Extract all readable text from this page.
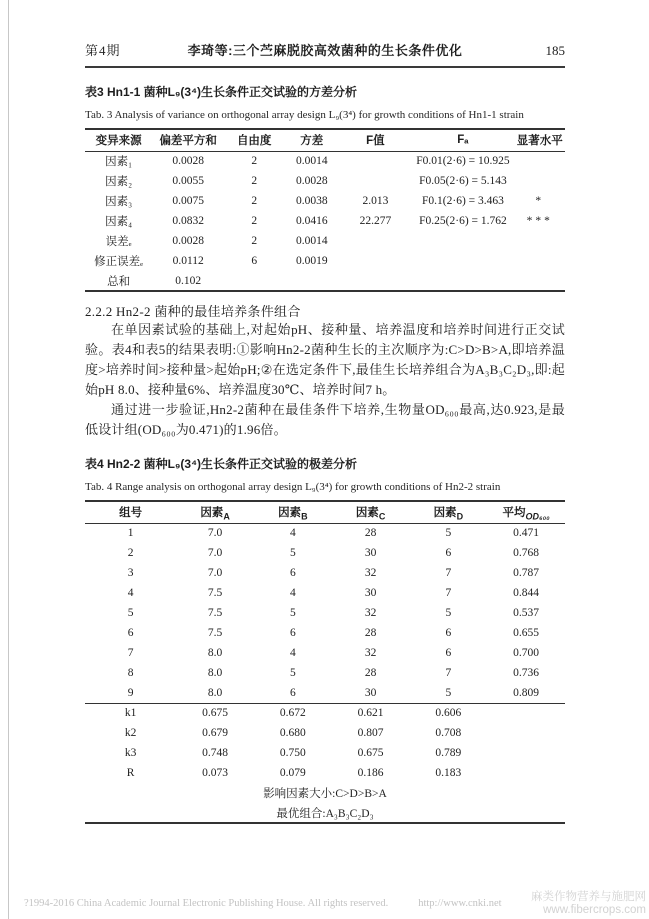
第4期	李琦等:三个苎麻脱胶高效菌种的生长条件优化	185
表3 Hn1-1 菌种L₉(3⁴)生长条件正交试验的方差分析
Tab. 3 Analysis of variance on orthogonal array design L₉(3⁴) for growth conditions of Hn1-1 strain
变异来源	偏差平方和	自由度	方差	F值	Fₐ	显著水平
因素₁	0.0028	2	0.0014		F0.01(2·6) = 10.925	
因素₂	0.0055	2	0.0028		F0.05(2·6) = 5.143	
因素₃	0.0075	2	0.0038	2.013	F0.1(2·6) = 3.463	*
因素₄	0.0832	2	0.0416	22.277	F0.25(2·6) = 1.762	***
误差ₑ	0.0028	2	0.0014			
修正误差ₑ	0.0112	6	0.0019			
总和	0.102					
2.2.2 Hn2-2 菌种的最佳培养条件组合

在单因素试验的基础上,对起始pH、接种量、培养温度和培养时间进行正交试验。表4和表5的结果表明:①影响Hn2-2菌种生长的主次顺序为:C>D>B>A,即培养温度>培养时间>接种量>起始pH;②在选定条件下,最佳生长培养组合为A₃B₃C₂D₃,即:起始pH 8.0、接种量6%、培养温度30℃、培养时间7 h。

通过进一步验证,Hn2-2菌种在最佳条件下培养,生物量OD₆₀₀最高,达0.923,是最低设计组(OD₆₀₀为0.471)的1.96倍。

表4 Hn2-2 菌种L₉(3⁴)生长条件正交试验的极差分析
Tab. 4 Range analysis on orthogonal array design L₉(3⁴) for growth conditions of Hn2-2 strain
组号	因素$_A$	因素$_B$	因素$_C$	因素$_D$	平均$_{OD_{600}}$
1	7.0	4	28	5	0.471
2	7.0	5	30	6	0.768
3	7.0	6	32	7	0.787
4	7.5	4	30	7	0.844
5	7.5	5	32	5	0.537
6	7.5	6	28	6	0.655
7	8.0	4	32	6	0.700
8	8.0	5	28	7	0.736
9	8.0	6	30	5	0.809
k1	0.675	0.672	0.621	0.606	
k2	0.679	0.680	0.807	0.708	
k3	0.748	0.750	0.675	0.789	
R	0.073	0.079	0.186	0.183	
影响因素大小:C>D>B>A					
最优组合:A₃B₃C₂D₃					
?1994-2016 China Academic Journal Electronic Publishing House. All rights reserved.	http://www.cnki.net
麻类作物营养与施肥网
www.fibercrops.com
